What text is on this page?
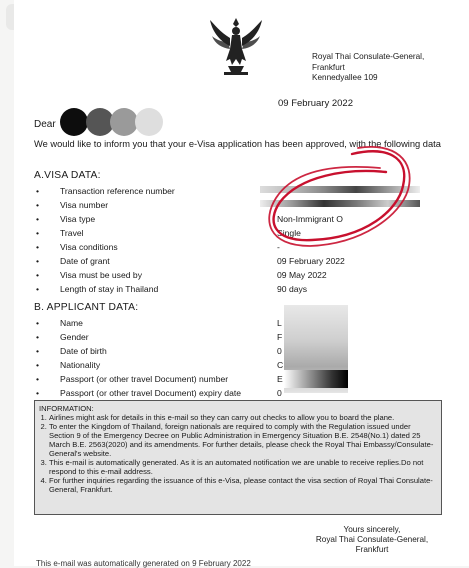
Royal Thai Consulate-General,
Frankfurt
Kennedyallee 109
09 February 2022
Dear
We would like to inform you that your e-Visa application has been approved, with the following data
A.VISA DATA:
• Transaction reference number
• Visa number
• Visa type
• Travel
• Visa conditions
• Date of grant
• Visa must be used by
• Length of stay in Thailand
Non-Immigrant O
Single
-
09 February 2022
09 May 2022
90 days
B. APPLICANT DATA:
• Name
• Gender
• Date of birth
• Nationality
• Passport (or other travel Document) number
• Passport (or other travel Document) expiry date
L
F
0
C
E
0
INFORMATION:
1. Airlines might ask for details in this e-mail so they can carry out checks to allow you to board the plane.
2. To enter the Kingdom of Thailand, foreign nationals are required to comply with the Regulation issued under Section 9 of the Emergency Decree on Public Administration in Emergency Situation B.E. 2548(No.1) dated 25 March B.E. 2563(2020) and its amendments. For further details, please check the Royal Thai Embassy/Consulate-General's website.
3. This e-mail is automatically generated. As it is an automated notification we are unable to receive replies.Do not respond to this e-mail address.
4. For further inquiries regarding the issuance of this e-Visa, please contact the visa section of Royal Thai Consulate-General, Frankfurt.
Yours sincerely,
Royal Thai Consulate-General,
Frankfurt
This e-mail was automatically generated on 9 February 2022
